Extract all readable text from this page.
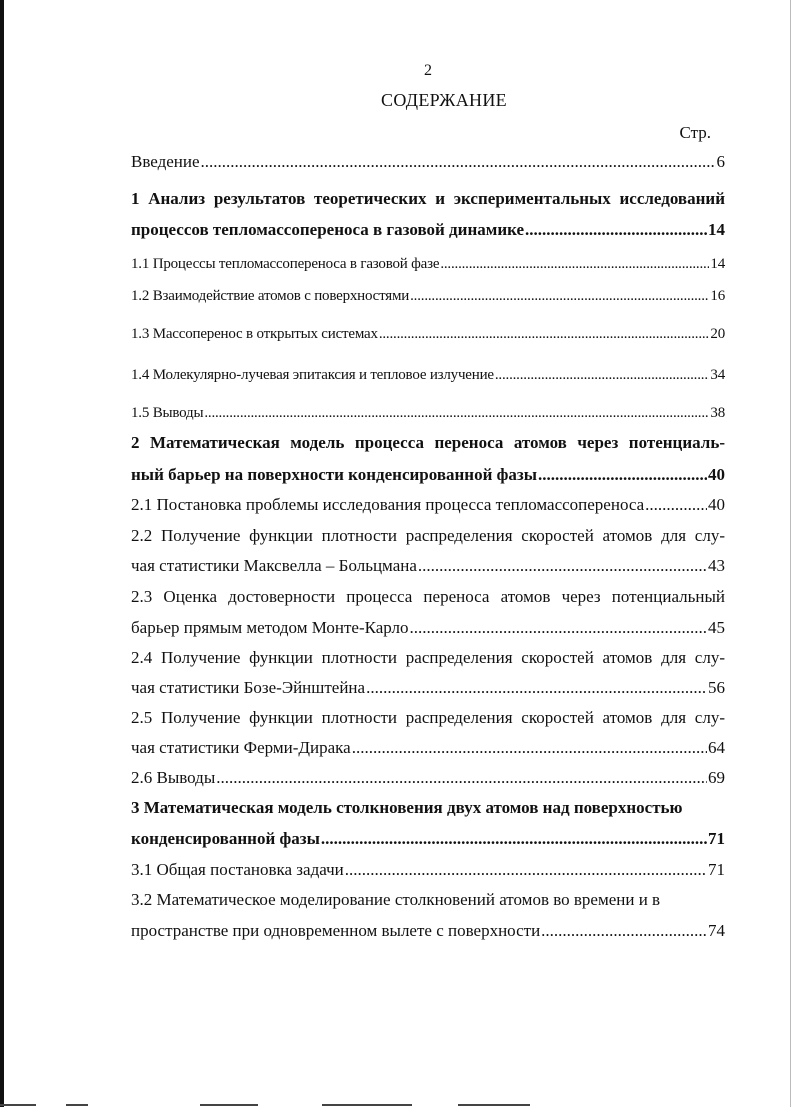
2
СОДЕРЖАНИЕ
Стр.
Введение .....	6
1 Анализ результатов теоретических и экспериментальных исследований
процессов тепломассопереноса в газовой динамике .....	14
1.1 Процессы тепломассопереноса в газовой фазе .....	14
1.2 Взаимодействие атомов с поверхностями .....	16
1.3 Массоперенос в открытых системах .....	20
1.4 Молекулярно-лучевая эпитаксия и тепловое излучение .....	34
1.5 Выводы .....	38
2 Математическая модель процесса переноса атомов через потенциаль-
ный барьер на поверхности конденсированной фазы .....	40
2.1 Постановка проблемы исследования процесса тепломассопереноса .....	40
2.2 Получение функции плотности распределения скоростей атомов для слу-
чая статистики Максвелла – Больцмана .....	43
2.3 Оценка достоверности процесса переноса атомов через потенциальный
барьер прямым методом Монте-Карло .....	45
2.4 Получение функции плотности распределения скоростей атомов для слу-
чая статистики Бозе-Эйнштейна .....	56
2.5 Получение функции плотности распределения скоростей атомов для слу-
чая статистики Ферми-Дирака .....	64
2.6 Выводы .....	69
3 Математическая модель столкновения двух атомов над поверхностью
конденсированной фазы .....	71
3.1 Общая постановка задачи .....	71
3.2 Математическое моделирование столкновений атомов во времени и в
пространстве при одновременном вылете с поверхности .....	74
